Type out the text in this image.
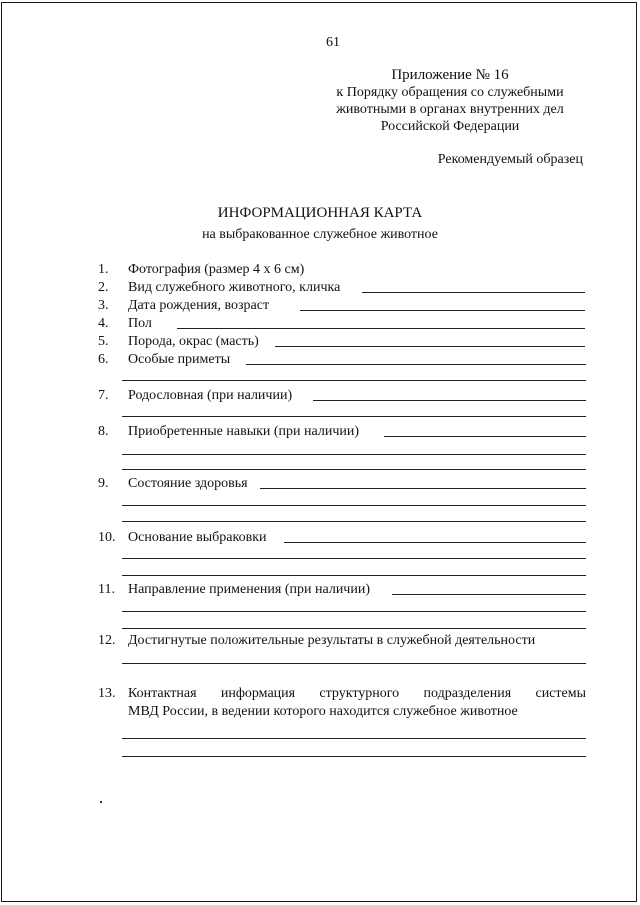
61
Приложение № 16
к Порядку обращения со служебными
животными в органах внутренних дел
Российской Федерации
Рекомендуемый образец
ИНФОРМАЦИОННАЯ КАРТА
на выбракованное служебное животное
1. Фотография (размер 4 х 6 см)
2. Вид служебного животного, кличка
3. Дата рождения, возраст
4. Пол
5. Порода, окрас (масть)
6. Особые приметы
7. Родословная (при наличии)
8. Приобретенные навыки (при наличии)
9. Состояние здоровья
10. Основание выбраковки
11. Направление применения (при наличии)
12. Достигнутые положительные результаты в служебной деятельности
13. Контактная информация структурного подразделения системы
МВД России, в ведении которого находится служебное животное
